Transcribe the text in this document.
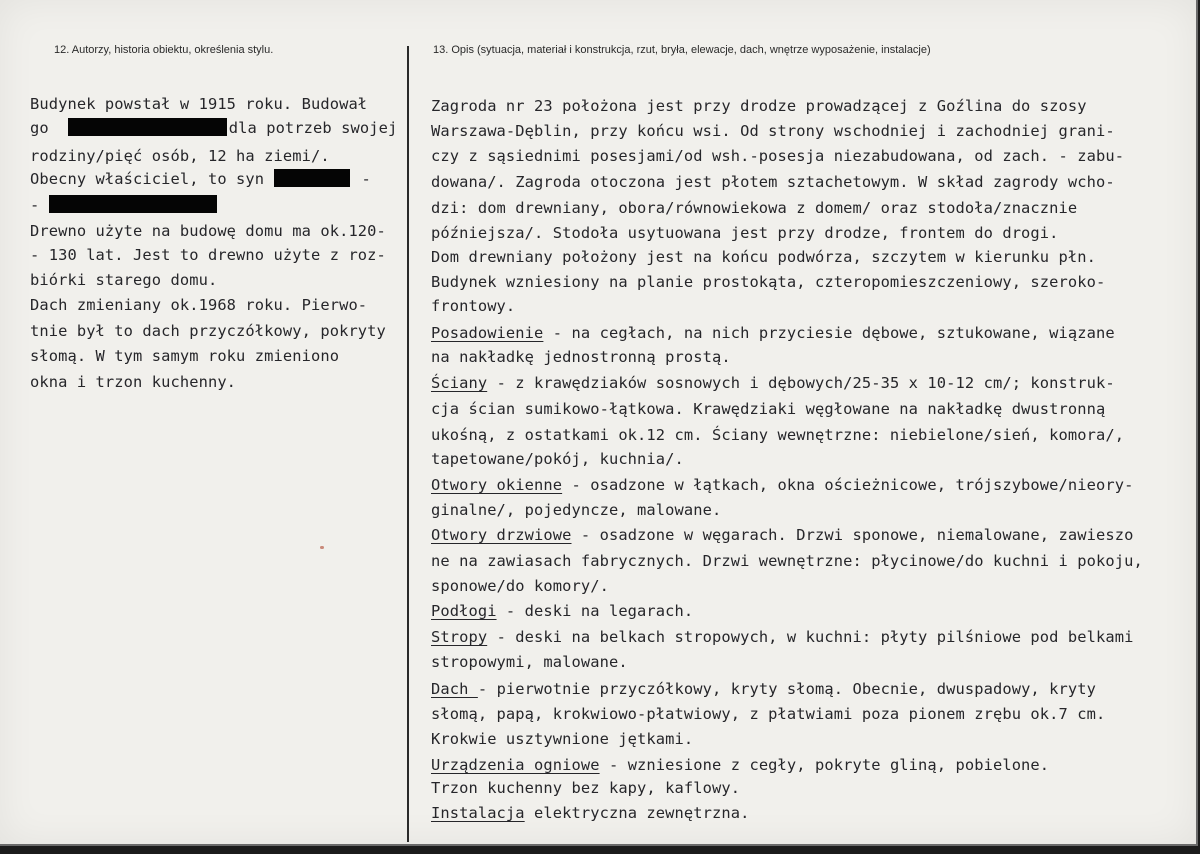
12. Autorzy, historia obiektu, określenia stylu.	13. Opis (sytuacja, materiał i konstrukcja, rzut, bryła, elewacje, dach, wnętrze wyposażenie, instalacje)
Budynek powstał w 1915 roku. Budował
go	dla potrzeb swojej
rodziny/pięć osób, 12 ha ziemi/.
Obecny właściciel, to syn	-
-
Drewno użyte na budowę domu ma ok.120-
- 130 lat. Jest to drewno użyte z roz-
biórki starego domu.
Dach zmieniany ok.1968 roku. Pierwo-
tnie był to dach przyczółkowy, pokryty
słomą. W tym samym roku zmieniono
okna i trzon kuchenny.
Zagroda nr 23 położona jest przy drodze prowadzącej z Goźlina do szosy
Warszawa-Dęblin, przy końcu wsi. Od strony wschodniej i zachodniej grani-
czy z sąsiednimi posesjami/od wsh.-posesja niezabudowana, od zach. - zabu-
dowana/. Zagroda otoczona jest płotem sztachetowym. W skład zagrody wcho-
dzi: dom drewniany, obora/równowiekowa z domem/ oraz stodoła/znacznie
późniejsza/. Stodoła usytuowana jest przy drodze, frontem do drogi.
Dom drewniany położony jest na końcu podwórza, szczytem w kierunku płn.
Budynek wzniesiony na planie prostokąta, czteropomieszczeniowy, szeroko-
frontowy.
Posadowienie - na cegłach, na nich przyciesie dębowe, sztukowane, wiązane
na nakładkę jednostronną prostą.
Ściany - z krawędziaków sosnowych i dębowych/25-35 x 10-12 cm/; konstruk-
cja ścian sumikowo-łątkowa. Krawędziaki węgłowane na nakładkę dwustronną
ukośną, z ostatkami ok.12 cm. Ściany wewnętrzne: niebielone/sień, komora/,
tapetowane/pokój, kuchnia/.
Otwory okienne - osadzone w łątkach, okna ościeżnicowe, trójszybowe/nieory-
ginalne/, pojedyncze, malowane.
Otwory drzwiowe - osadzone w węgarach. Drzwi sponowe, niemalowane, zawieszo
ne na zawiasach fabrycznych. Drzwi wewnętrzne: płycinowe/do kuchni i pokoju,
sponowe/do komory/.
Podłogi - deski na legarach.
Stropy - deski na belkach stropowych, w kuchni: płyty pilśniowe pod belkami
stropowymi, malowane.
Dach - pierwotnie przyczółkowy, kryty słomą. Obecnie, dwuspadowy, kryty
słomą, papą, krokwiowo-płatwiowy, z płatwiami poza pionem zrębu ok.7 cm.
Krokwie usztywnione jętkami.
Urządzenia ogniowe - wzniesione z cegły, pokryte gliną, pobielone.
Trzon kuchenny bez kapy, kaflowy.
Instalacja elektryczna zewnętrzna.
